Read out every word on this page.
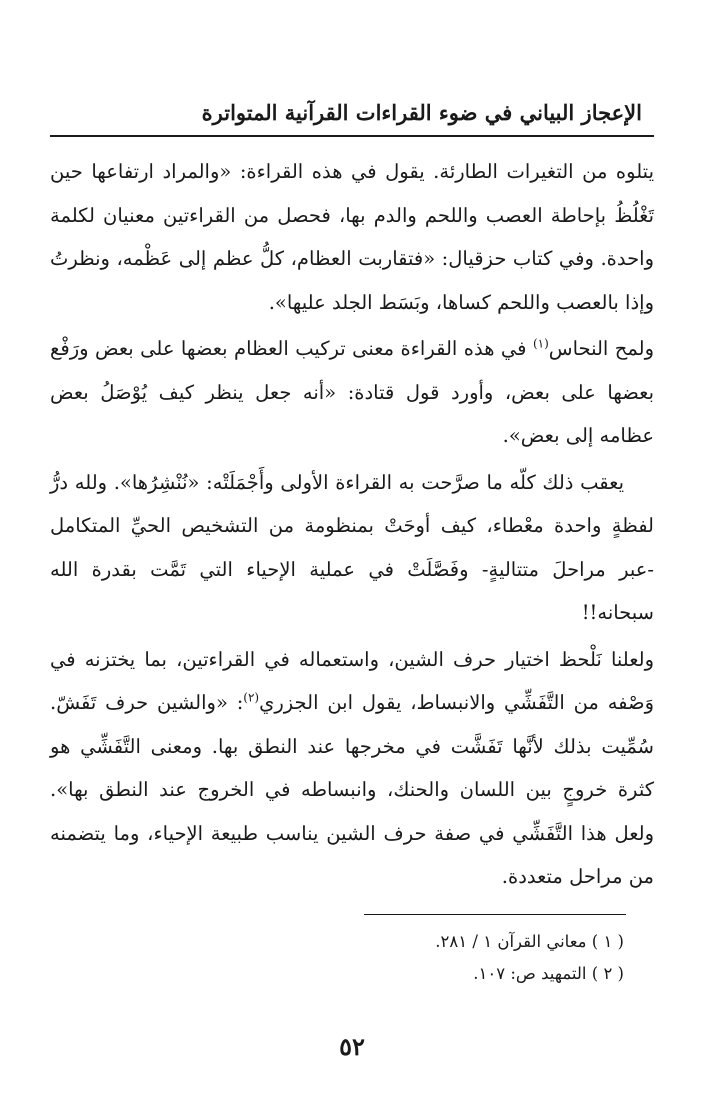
الإعجاز البياني في ضوء القراءات القرآنية المتواترة

يتلوه من التغيرات الطارئة. يقول في هذه القراءة: «والمراد ارتفاعها حين تَغْلُظُ بإحاطة العصب واللحم والدم بها، فحصل من القراءتين معنيان لكلمة واحدة. وفي كتاب حزقيال: «فتقاربت العظام، كلُّ عظم إلى عَظْمه، ونظرتُ وإذا بالعصب واللحم كساها، وبَسَط الجلد عليها».

ولمح النحاس$^{(١)}$ في هذه القراءة معنى تركيب العظام بعضها على بعض ورَفْع بعضها على بعض، وأورد قول قتادة: «أنه جعل ينظر كيف يُوْصَلُ بعض عظامه إلى بعض».

يعقب ذلك كلّه ما صرَّحت به القراءة الأولى وأَجْمَلَتْه: «نُنْشِرُها». ولله درُّ لفظةٍ واحدة معْطاء، كيف أوحَتْ بمنظومة من التشخيص الحيِّ المتكامل -عبر مراحلَ متتاليةٍ- وفَصَّلَتْ في عملية الإحياء التي تَمَّت بقدرة الله سبحانه!!

ولعلنا نَلْحظ اختيار حرف الشين، واستعماله في القراءتين، بما يختزنه في وَصْفه من التَّفَشِّي والانبساط، يقول ابن الجزري$^{(٢)}$: «والشين حرف تَفَشّ. سُمِّيت بذلك لأنَّها تَفَشَّت في مخرجها عند النطق بها. ومعنى التَّفَشِّي هو كثرة خروجٍ بين اللسان والحنك، وانبساطه في الخروج عند النطق بها». ولعل هذا التَّفَشِّي في صفة حرف الشين يناسب طبيعة الإحياء، وما يتضمنه من مراحل متعددة.

( ١ ) معاني القرآن ١ / ٢٨١.
( ٢ ) التمهيد ص: ١٠٧.
٥٢
